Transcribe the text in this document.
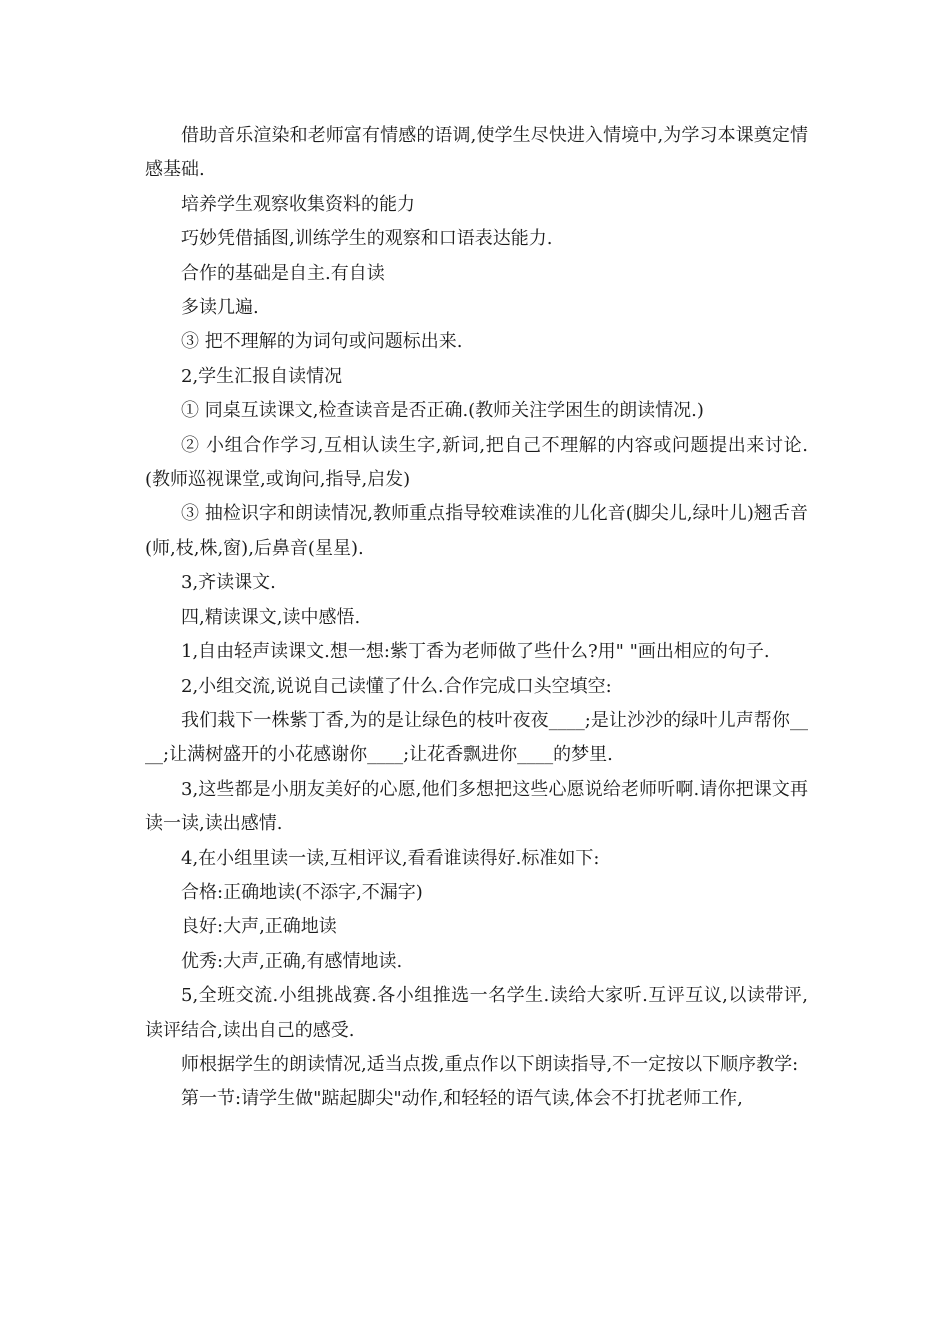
借助音乐渲染和老师富有情感的语调,使学生尽快进入情境中,为学习本课奠定情感基础.

培养学生观察收集资料的能力

巧妙凭借插图,训练学生的观察和口语表达能力.

合作的基础是自主.有自读

多读几遍.

③ 把不理解的为词句或问题标出来.

2,学生汇报自读情况

① 同桌互读课文,检查读音是否正确.(教师关注学困生的朗读情况.)

② 小组合作学习,互相认读生字,新词,把自己不理解的内容或问题提出来讨论.(教师巡视课堂,或询问,指导,启发)

③ 抽检识字和朗读情况,教师重点指导较难读准的儿化音(脚尖儿,绿叶儿)翘舌音(师,枝,株,窗),后鼻音(星星).

3,齐读课文.

四,精读课文,读中感悟.

1,自由轻声读课文.想一想:紫丁香为老师做了些什么?用" "画出相应的句子.

2,小组交流,说说自己读懂了什么.合作完成口头空填空:

我们栽下一株紫丁香,为的是让绿色的枝叶夜夜____;是让沙沙的绿叶儿声帮你____;让满树盛开的小花感谢你____;让花香飘进你____的梦里.

3,这些都是小朋友美好的心愿,他们多想把这些心愿说给老师听啊.请你把课文再读一读,读出感情.

4,在小组里读一读,互相评议,看看谁读得好.标准如下:

合格:正确地读(不添字,不漏字)

良好:大声,正确地读

优秀:大声,正确,有感情地读.

5,全班交流.小组挑战赛.各小组推选一名学生.读给大家听.互评互议,以读带评,读评结合,读出自己的感受.

师根据学生的朗读情况,适当点拨,重点作以下朗读指导,不一定按以下顺序教学:

第一节:请学生做"踮起脚尖"动作,和轻轻的语气读,体会不打扰老师工作,
